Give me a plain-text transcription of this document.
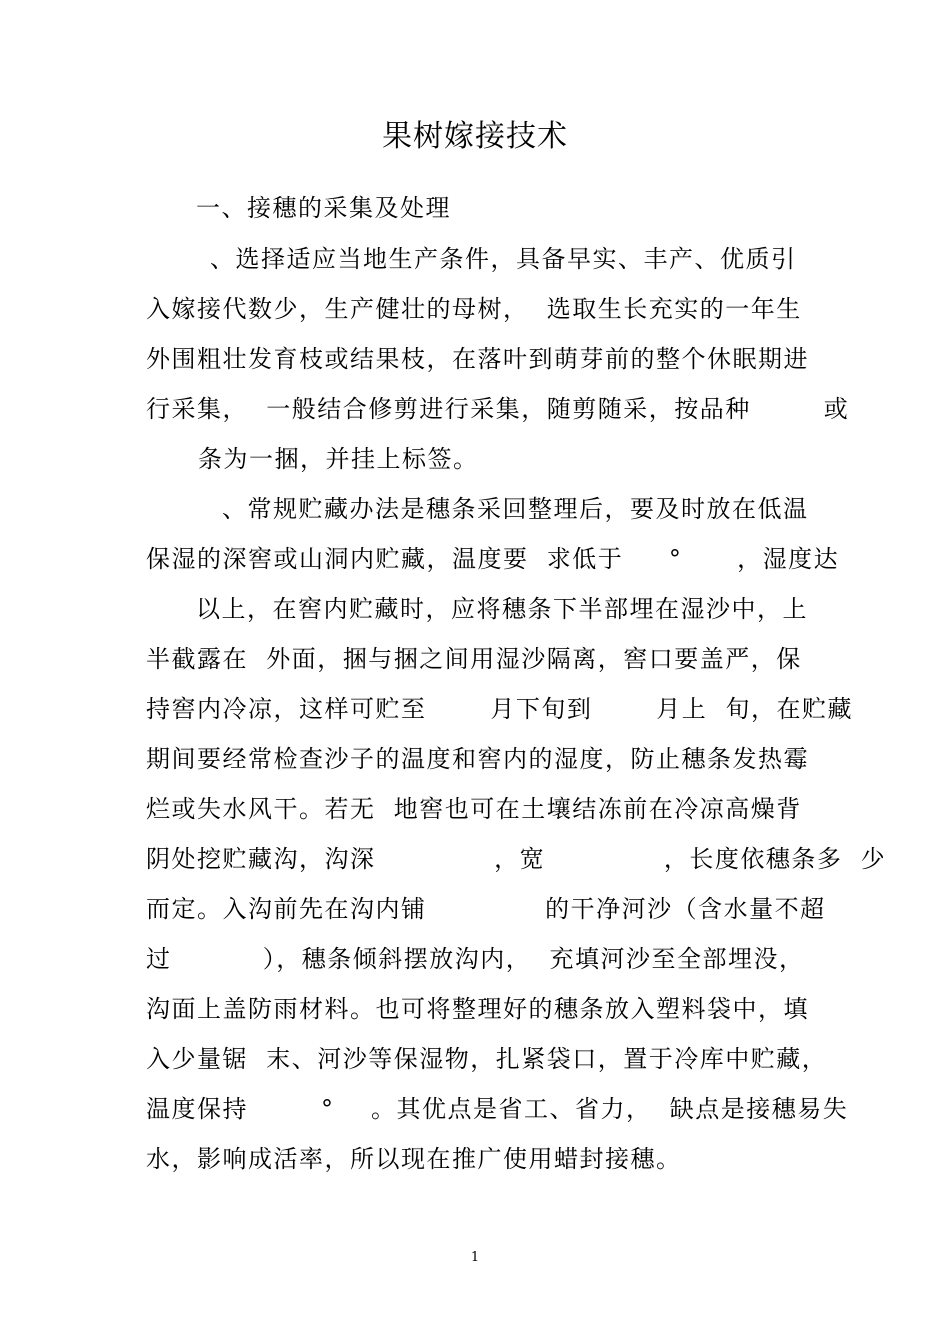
果树嫁接技术

一、接穗的采集及处理

、选择适应当地生产条件，具备早实、丰产、优质引

入嫁接代数少，生产健壮的母树，  选取生长充实的一年生

外围粗壮发育枝或结果枝，在落叶到萌芽前的整个休眠期进

行采集，  一般结合修剪进行采集，随剪随采，按品种        或

条为一捆，并挂上标签。

、常规贮藏办法是穗条采回整理后，要及时放在低温

保湿的深窖或山洞内贮藏，温度要  求低于     °      ，湿度达

以上，在窖内贮藏时，应将穗条下半部埋在湿沙中，上

半截露在  外面，捆与捆之间用湿沙隔离，窖口要盖严，保

持窖内冷凉，这样可贮至       月下旬到       月上  旬，在贮藏

期间要经常检查沙子的温度和窖内的湿度，防止穗条发热霉

烂或失水风干。若无  地窖也可在土壤结冻前在冷凉高燥背

阴处挖贮藏沟，沟深             ，宽             ，长度依穗条多  少

而定。入沟前先在沟内铺             的干净河沙（含水量不超

过          ），穗条倾斜摆放沟内，  充填河沙至全部埋没，

沟面上盖防雨材料。也可将整理好的穗条放入塑料袋中，填

入少量锯  末、河沙等保湿物，扎紧袋口，置于冷库中贮藏，

温度保持        °    。其优点是省工、省力，  缺点是接穗易失

水，影响成活率，所以现在推广使用蜡封接穗。

1
